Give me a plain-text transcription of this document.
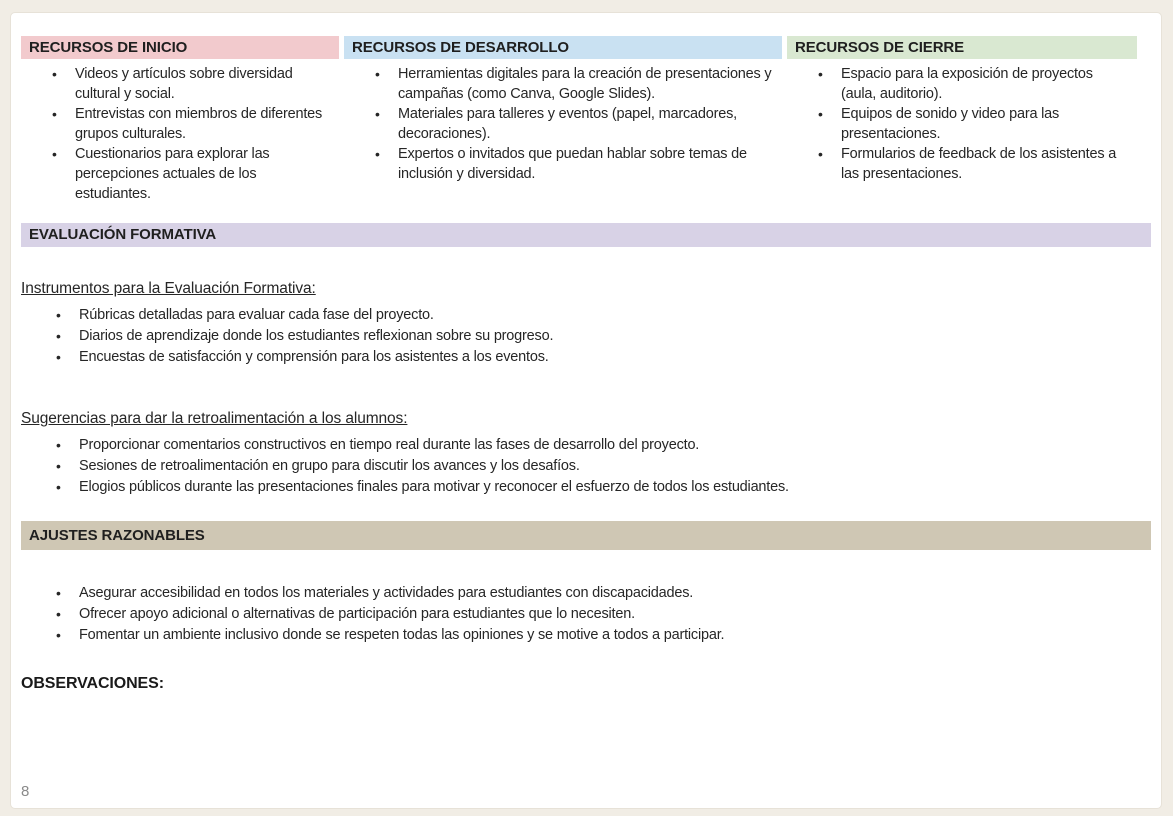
RECURSOS DE INICIO
•	Videos y artículos sobre diversidad cultural y social.
•	Entrevistas con miembros de diferentes grupos culturales.
•	Cuestionarios para explorar las percepciones actuales de los estudiantes.
RECURSOS DE DESARROLLO
•	Herramientas digitales para la creación de presentaciones y campañas (como Canva, Google Slides).
•	Materiales para talleres y eventos (papel, marcadores, decoraciones).
•	Expertos o invitados que puedan hablar sobre temas de inclusión y diversidad.
RECURSOS DE CIERRE
•	Espacio para la exposición de proyectos (aula, auditorio).
•	Equipos de sonido y video para las presentaciones.
•	Formularios de feedback de los asistentes a las presentaciones.
EVALUACIÓN FORMATIVA
Instrumentos para la Evaluación Formativa:
•	Rúbricas detalladas para evaluar cada fase del proyecto.
•	Diarios de aprendizaje donde los estudiantes reflexionan sobre su progreso.
•	Encuestas de satisfacción y comprensión para los asistentes a los eventos.
Sugerencias para dar la retroalimentación a los alumnos:
•	Proporcionar comentarios constructivos en tiempo real durante las fases de desarrollo del proyecto.
•	Sesiones de retroalimentación en grupo para discutir los avances y los desafíos.
•	Elogios públicos durante las presentaciones finales para motivar y reconocer el esfuerzo de todos los estudiantes.
AJUSTES RAZONABLES
•	Asegurar accesibilidad en todos los materiales y actividades para estudiantes con discapacidades.
•	Ofrecer apoyo adicional o alternativas de participación para estudiantes que lo necesiten.
•	Fomentar un ambiente inclusivo donde se respeten todas las opiniones y se motive a todos a participar.
OBSERVACIONES:
8
